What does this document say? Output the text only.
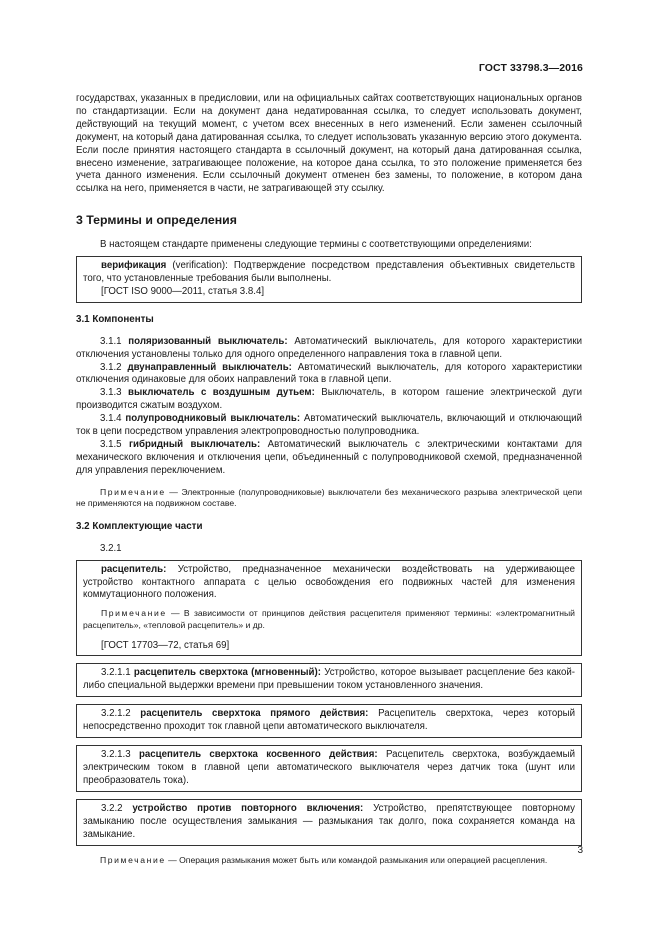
ГОСТ 33798.3—2016

государствах, указанных в предисловии, или на официальных сайтах соответствующих национальных органов по стандартизации. Если на документ дана недатированная ссылка, то следует использовать документ, действующий на текущий момент, с учетом всех внесенных в него изменений. Если заменен ссылочный документ, на который дана датированная ссылка, то следует использовать указанную версию этого документа. Если после принятия настоящего стандарта в ссылочный документ, на который дана датированная ссылка, внесено изменение, затрагивающее положение, на которое дана ссылка, то это положение применяется без учета данного изменения. Если ссылочный документ отменен без замены, то положение, в котором дана ссылка на него, применяется в части, не затрагивающей эту ссылку.

3 Термины и определения

В настоящем стандарте применены следующие термины с соответствующими определениями:

верификация (verification): Подтверждение посредством представления объективных свидетельств того, что установленные требования были выполнены.

[ГОСТ ISO 9000—2011, статья 3.8.4]

3.1 Компоненты

3.1.1 поляризованный выключатель: Автоматический выключатель, для которого характеристики отключения установлены только для одного определенного направления тока в главной цепи.

3.1.2 двунаправленный выключатель: Автоматический выключатель, для которого характеристики отключения одинаковые для обоих направлений тока в главной цепи.

3.1.3 выключатель с воздушным дутьем: Выключатель, в котором гашение электрической дуги производится сжатым воздухом.

3.1.4 полупроводниковый выключатель: Автоматический выключатель, включающий и отключающий ток в цепи посредством управления электропроводностью полупроводника.

3.1.5 гибридный выключатель: Автоматический выключатель с электрическими контактами для механического включения и отключения цепи, объединенный с полупроводниковой схемой, предназначенной для управления переключением.

Примечание — Электронные (полупроводниковые) выключатели без механического разрыва электрической цепи не применяются на подвижном составе.

3.2 Комплектующие части

3.2.1

расцепитель: Устройство, предназначенное механически воздействовать на удерживающее устройство контактного аппарата с целью освобождения его подвижных частей для изменения коммутационного положения.

Примечание — В зависимости от принципов действия расцепителя применяют термины: «электромагнитный расцепитель», «тепловой расцепитель» и др.

[ГОСТ 17703—72, статья 69]

3.2.1.1 расцепитель сверхтока (мгновенный): Устройство, которое вызывает расцепление без какой-либо специальной выдержки времени при превышении током установленного значения.

3.2.1.2 расцепитель сверхтока прямого действия: Расцепитель сверхтока, через который непосредственно проходит ток главной цепи автоматического выключателя.

3.2.1.3 расцепитель сверхтока косвенного действия: Расцепитель сверхтока, возбуждаемый электрическим током в главной цепи автоматического выключателя через датчик тока (шунт или преобразователь тока).

3.2.2 устройство против повторного включения: Устройство, препятствующее повторному замыканию после осуществления замыкания — размыкания так долго, пока сохраняется команда на замыкание.

Примечание — Операция размыкания может быть или командой размыкания или операцией расцепления.

3
